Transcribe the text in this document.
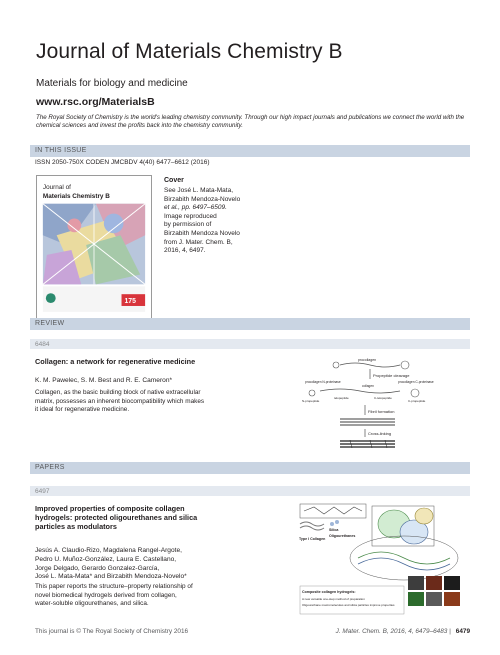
Journal of Materials Chemistry B
Materials for biology and medicine
www.rsc.org/MaterialsB
The Royal Society of Chemistry is the world's leading chemistry community. Through our high impact journals and publications we connect the world with the chemical sciences and invest the profits back into the chemistry community.
IN THIS ISSUE
ISSN 2050-750X CODEN JMCBDV 4(40) 6477–6612 (2016)
Journal of
Materials Chemistry B
175
Cover
See José L. Mata-Mata,
Birzabith Mendoza-Novelo
et al., pp. 6497–6509.
Image reproduced
by permission of
Birzabith Mendoza Novelo
from J. Mater. Chem. B,
2016, 4, 6497.
REVIEW
6484
Collagen: a network for regenerative medicine
K. M. Pawelec, S. M. Best and R. E. Cameron*
Collagen, as the basic building block of native extracellular
matrix, possesses an inherent biocompatibility which makes
it ideal for regenerative medicine.
procollagen
Propeptide cleavage
procollagen N-proteinase	procollagen C-proteinase
collagen
N-propeptide
telopeptide	C-telopeptide
C-propeptide
Fibril formation
Cross-linking
PAPERS
6497
Improved properties of composite collagen
hydrogels: protected oligourethanes and silica
particles as modulators
Jesús A. Claudio-Rizo, Magdalena Rangel-Argote,
Pedro U. Muñoz-González, Laura E. Castellano,
Jorge Delgado, Gerardo Gonzalez-García,
José L. Mata-Mata* and Birzabith Mendoza-Novelo*
This paper reports the structure–property relationship of
novel biomedical hydrogels derived from collagen,
water-soluble oligourethanes, and silica.
Type I Collagen
Silica
Oligourethanes
Composite collagen hydrogels:
A new versatile one-step method of preparation
Oligourethane macromolecules and silica particles improve properties
This journal is © The Royal Society of Chemistry 2016	J. Mater. Chem. B, 2016, 4, 6479–6483 | 6479
